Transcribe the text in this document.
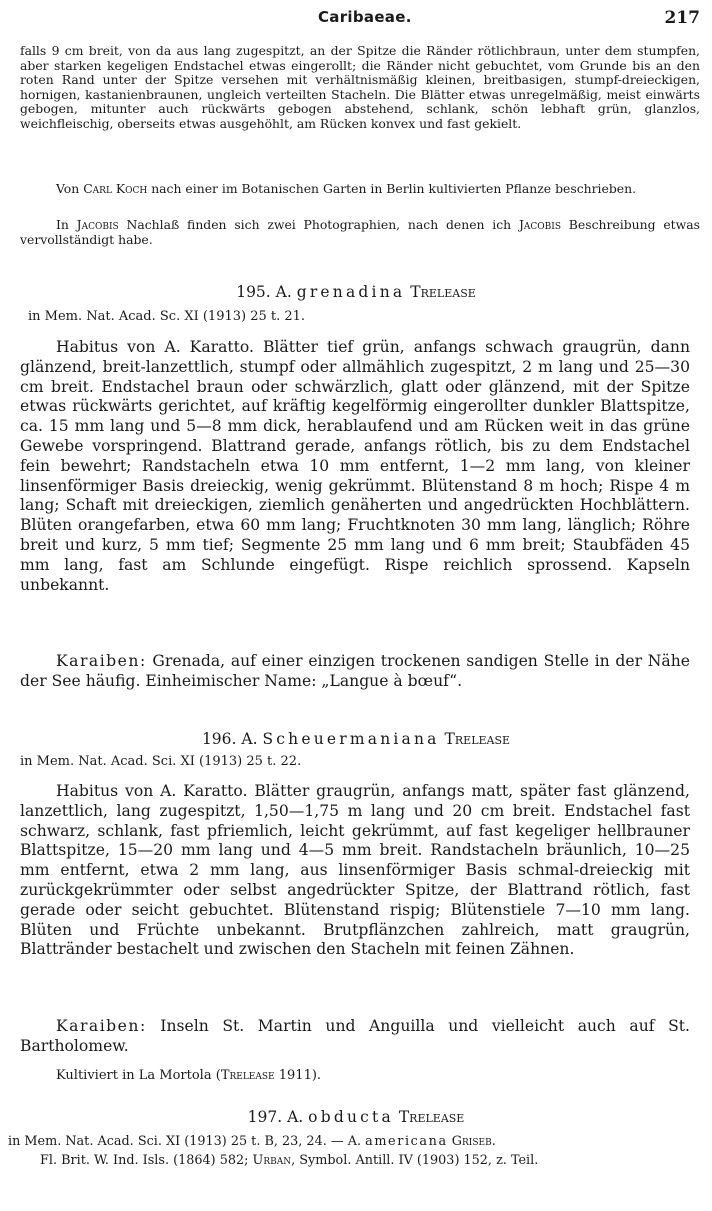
Caribaeae.	217

falls 9 cm breit, von da aus lang zugespitzt, an der Spitze die Ränder rötlichbraun, unter dem stumpfen, aber starken kegeligen Endstachel etwas eingerollt; die Ränder nicht gebuchtet, vom Grunde bis an den roten Rand unter der Spitze versehen mit verhältnismäßig kleinen, breitbasigen, stumpf-dreieckigen, hornigen, kastanienbraunen, ungleich verteilten Stacheln. Die Blätter etwas unregelmäßig, meist einwärts gebogen, mitunter auch rückwärts gebogen abstehend, schlank, schön lebhaft grün, glanzlos, weichfleischig, oberseits etwas ausgehöhlt, am Rücken konvex und fast gekielt.

Von Carl Koch nach einer im Botanischen Garten in Berlin kultivierten Pflanze beschrieben.

In Jacobis Nachlaß finden sich zwei Photographien, nach denen ich Jacobis Beschreibung etwas vervollständigt habe.

195. A. grenadina Trelease

in Mem. Nat. Acad. Sc. XI (1913) 25 t. 21.

Habitus von A. Karatto. Blätter tief grün, anfangs schwach graugrün, dann glänzend, breit-lanzettlich, stumpf oder allmählich zugespitzt, 2 m lang und 25—30 cm breit. Endstachel braun oder schwärzlich, glatt oder glänzend, mit der Spitze etwas rückwärts gerichtet, auf kräftig kegelförmig eingerollter dunkler Blattspitze, ca. 15 mm lang und 5—8 mm dick, herablaufend und am Rücken weit in das grüne Gewebe vorspringend. Blattrand gerade, anfangs rötlich, bis zu dem Endstachel fein bewehrt; Randstacheln etwa 10 mm entfernt, 1—2 mm lang, von kleiner linsenförmiger Basis dreieckig, wenig gekrümmt. Blütenstand 8 m hoch; Rispe 4 m lang; Schaft mit dreieckigen, ziemlich genäherten und angedrückten Hochblättern. Blüten orangefarben, etwa 60 mm lang; Fruchtknoten 30 mm lang, länglich; Röhre breit und kurz, 5 mm tief; Segmente 25 mm lang und 6 mm breit; Staubfäden 45 mm lang, fast am Schlunde eingefügt. Rispe reichlich sprossend. Kapseln unbekannt.

Karaiben: Grenada, auf einer einzigen trockenen sandigen Stelle in der Nähe der See häufig. Einheimischer Name: „Langue à bœuf“.

196. A. Scheuermaniana Trelease

in Mem. Nat. Acad. Sci. XI (1913) 25 t. 22.

Habitus von A. Karatto. Blätter graugrün, anfangs matt, später fast glänzend, lanzettlich, lang zugespitzt, 1,50—1,75 m lang und 20 cm breit. Endstachel fast schwarz, schlank, fast pfriemlich, leicht gekrümmt, auf fast kegeliger hellbrauner Blattspitze, 15—20 mm lang und 4—5 mm breit. Randstacheln bräunlich, 10—25 mm entfernt, etwa 2 mm lang, aus linsenförmiger Basis schmal-dreieckig mit zurückgekrümmter oder selbst angedrückter Spitze, der Blattrand rötlich, fast gerade oder seicht gebuchtet. Blütenstand rispig; Blütenstiele 7—10 mm lang. Blüten und Früchte unbekannt. Brutpflänzchen zahlreich, matt graugrün, Blattränder bestachelt und zwischen den Stacheln mit feinen Zähnen.

Karaiben: Inseln St. Martin und Anguilla und vielleicht auch auf St. Bartholomew.

Kultiviert in La Mortola (Trelease 1911).

197. A. obducta Trelease

in Mem. Nat. Acad. Sci. XI (1913) 25 t. B, 23, 24. — A. americana Griseb.

Fl. Brit. W. Ind. Isls. (1864) 582; Urban, Symbol. Antill. IV (1903) 152, z. Teil.
